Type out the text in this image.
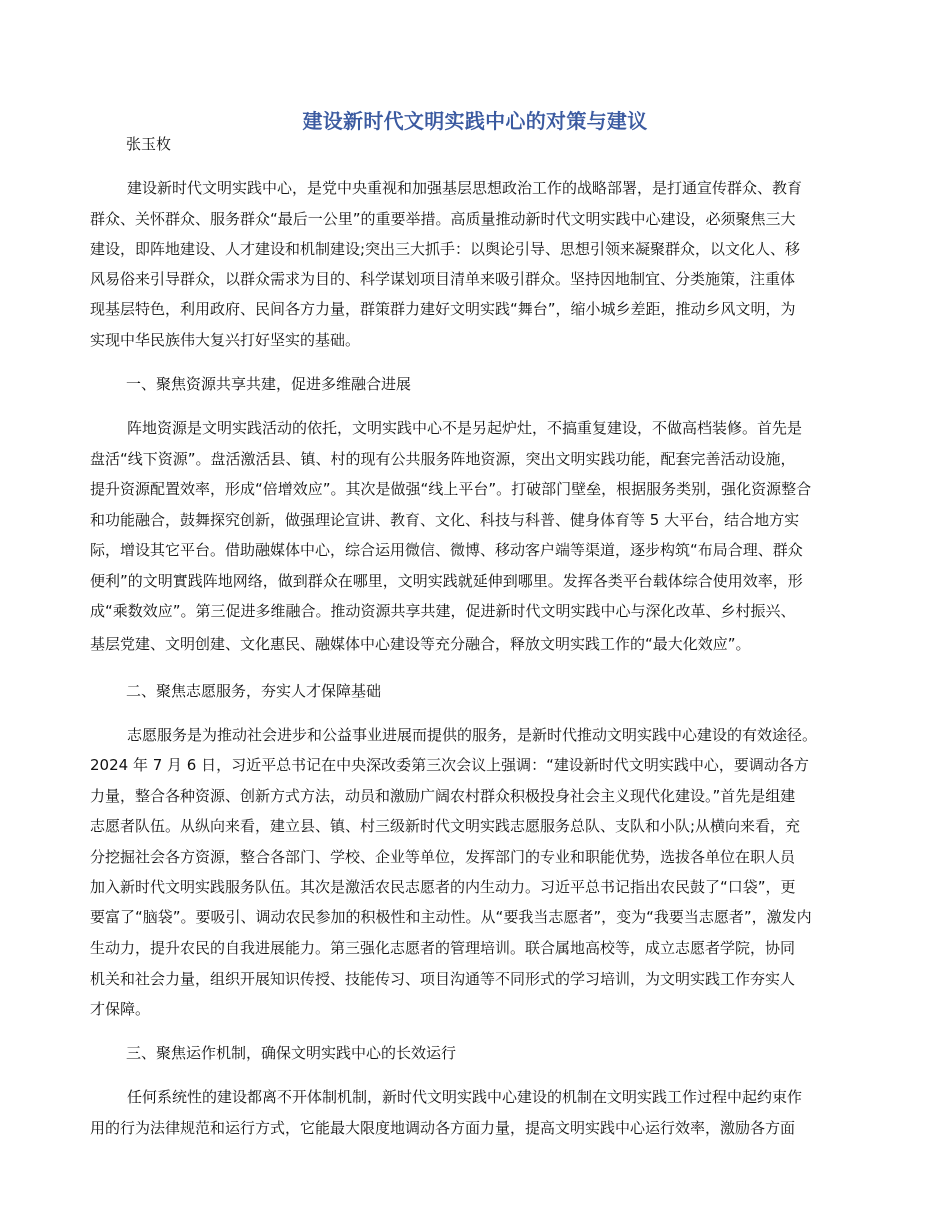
建设新时代文明实践中心的对策与建议
张玉枚
建设新时代文明实践中心，是党中央重视和加强基层思想政治工作的战略部署，是打通宣传群众、教育
群众、关怀群众、服务群众“最后一公里”的重要举措。高质量推动新时代文明实践中心建设，必须聚焦三大
建设，即阵地建设、人才建设和机制建设;突出三大抓手：以舆论引导、思想引领来凝聚群众，以文化人、移
风易俗来引导群众，以群众需求为目的、科学谋划项目清单来吸引群众。坚持因地制宜、分类施策，注重体
现基层特色，利用政府、民间各方力量，群策群力建好文明实践“舞台”，缩小城乡差距，推动乡风文明，为
实现中华民族伟大复兴打好坚实的基础。
一、聚焦资源共享共建，促进多维融合进展
阵地资源是文明实践活动的依托，文明实践中心不是另起炉灶，不搞重复建设，不做高档装修。首先是
盘活“线下资源”。盘活激活县、镇、村的现有公共服务阵地资源，突出文明实践功能，配套完善活动设施，
提升资源配置效率，形成“倍增效应”。其次是做强“线上平台”。打破部门壁垒，根据服务类别，强化资源整合
和功能融合，鼓舞探究创新，做强理论宣讲、教育、文化、科技与科普、健身体育等 5 大平台，结合地方实
际，增设其它平台。借助融媒体中心，综合运用微信、微博、移动客户端等渠道，逐步构筑“布局合理、群众
便利”的文明實践阵地网络，做到群众在哪里，文明实践就延伸到哪里。发挥各类平台载体综合使用效率，形
成“乘数效应”。第三促进多维融合。推动资源共享共建，促进新时代文明实践中心与深化改革、乡村振兴、
基层党建、文明创建、文化惠民、融媒体中心建设等充分融合，释放文明实践工作的“最大化效应”。
二、聚焦志愿服务，夯实人才保障基础
志愿服务是为推动社会进步和公益事业进展而提供的服务，是新时代推动文明实践中心建设的有效途径。
2024 年 7 月 6 日，习近平总书记在中央深改委第三次会议上强调：“建设新时代文明实践中心，要调动各方
力量，整合各种资源、创新方式方法，动员和激励广阔农村群众积极投身社会主义现代化建设。”首先是组建
志愿者队伍。从纵向来看，建立县、镇、村三级新时代文明实践志愿服务总队、支队和小队;从横向来看，充
分挖掘社会各方资源，整合各部门、学校、企业等单位，发挥部门的专业和职能优势，选拔各单位在职人员
加入新时代文明实践服务队伍。其次是激活农民志愿者的内生动力。习近平总书记指出农民鼓了“口袋”，更
要富了“脑袋”。要吸引、调动农民参加的积极性和主动性。从“要我当志愿者”，变为“我要当志愿者”，激发内
生动力，提升农民的自我进展能力。第三强化志愿者的管理培训。联合属地高校等，成立志愿者学院，协同
机关和社会力量，组织开展知识传授、技能传习、项目沟通等不同形式的学习培训，为文明实践工作夯实人
才保障。
三、聚焦运作机制，确保文明实践中心的长效运行
任何系统性的建设都离不开体制机制，新时代文明实践中心建设的机制在文明实践工作过程中起约束作
用的行为法律规范和运行方式，它能最大限度地调动各方面力量，提高文明实践中心运行效率，激励各方面
